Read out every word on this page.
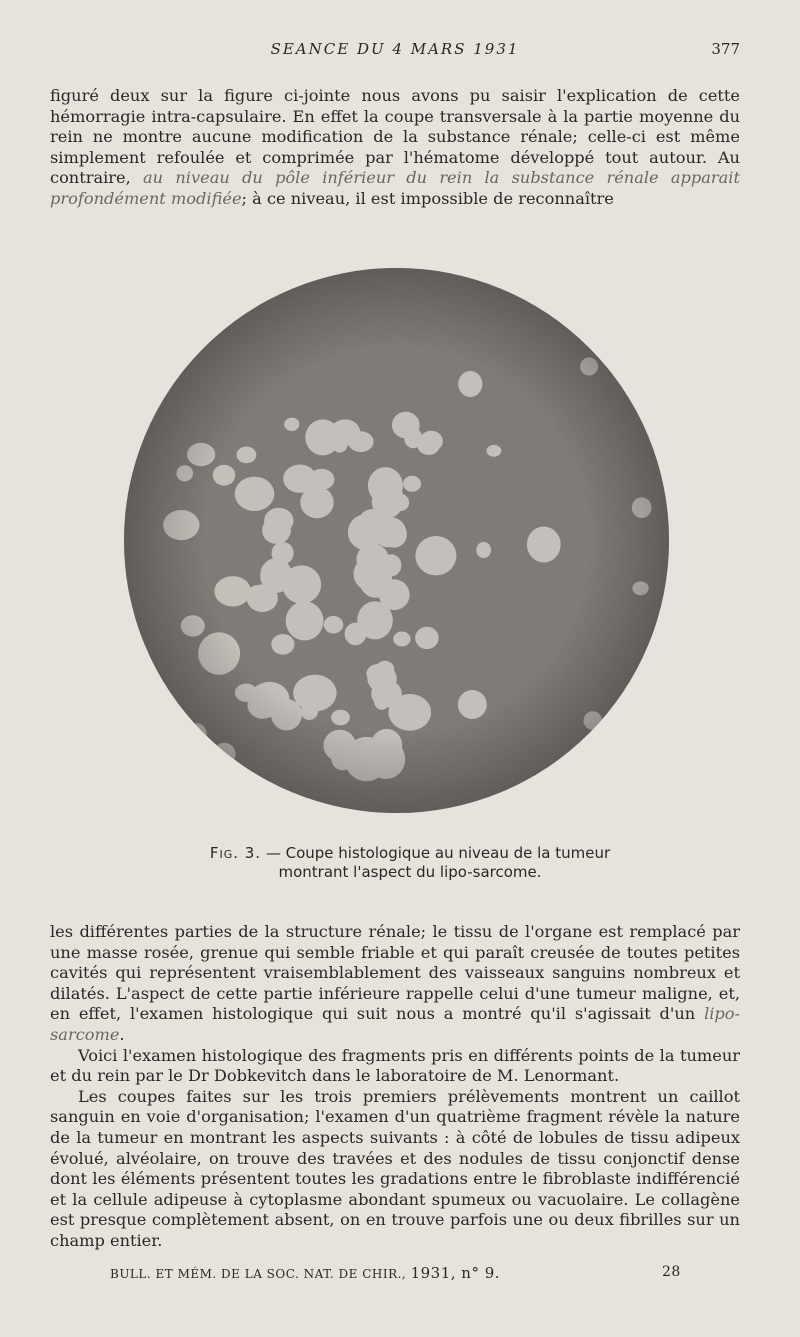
SEANCE DU 4 MARS 1931	377
figuré deux sur la figure ci-jointe nous avons pu saisir l'explication de cette hémorragie intra-capsulaire. En effet la coupe transversale à la partie moyenne du rein ne montre aucune modification de la substance rénale; celle-ci est même simplement refoulée et comprimée par l'hématome développé tout autour. Au contraire, au niveau du pôle inférieur du rein la substance rénale apparait profondément modifiée; à ce niveau, il est impossible de reconnaître
Fig. 3. — Coupe histologique au niveau de la tumeur
montrant l'aspect du lipo-sarcome.

les différentes parties de la structure rénale; le tissu de l'organe est remplacé par une masse rosée, grenue qui semble friable et qui paraît creusée de toutes petites cavités qui représentent vraisemblablement des vaisseaux sanguins nombreux et dilatés. L'aspect de cette partie inférieure rappelle celui d'une tumeur maligne, et, en effet, l'examen histologique qui suit nous a montré qu'il s'agissait d'un lipo-sarcome.

Voici l'examen histologique des fragments pris en différents points de la tumeur et du rein par le Dr Dobkevitch dans le laboratoire de M. Lenormant.

Les coupes faites sur les trois premiers prélèvements montrent un caillot sanguin en voie d'organisation; l'examen d'un quatrième fragment révèle la nature de la tumeur en montrant les aspects suivants : à côté de lobules de tissu adipeux évolué, alvéolaire, on trouve des travées et des nodules de tissu conjonctif dense dont les éléments présentent toutes les gradations entre le fibroblaste indifférencié et la cellule adipeuse à cytoplasme abondant spumeux ou vacuolaire. Le collagène est presque complètement absent, on en trouve parfois une ou deux fibrilles sur un champ entier.

BULL. ET MÉM. DE LA SOC. NAT. DE CHIR., 1931, n° 9.	28
